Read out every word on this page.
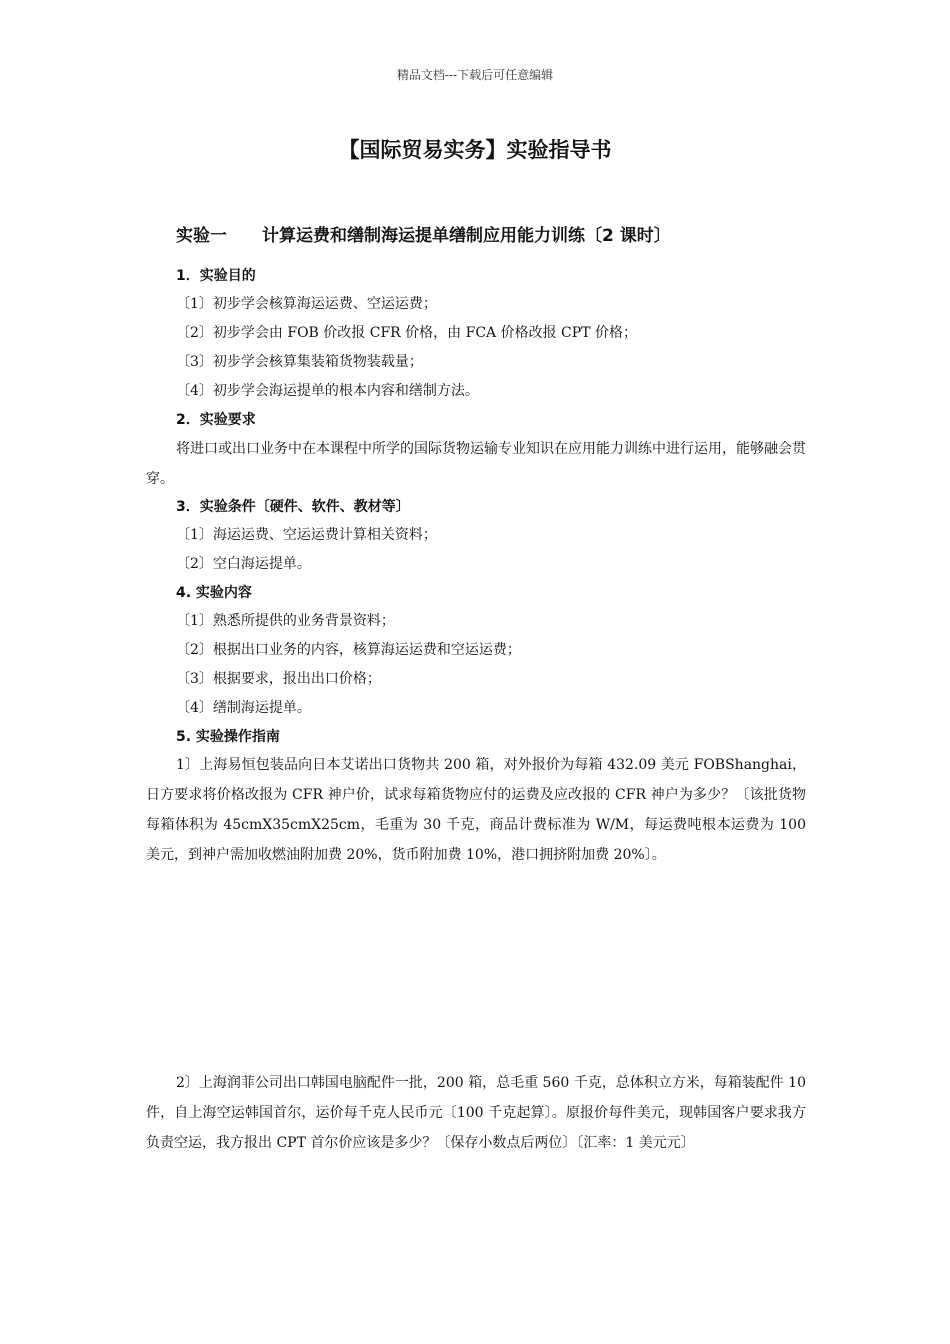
精品文档---下载后可任意编辑
【国际贸易实务】实验指导书
实验一 计算运费和缮制海运提单缮制应用能力训练〔2 课时〕
1．实验目的
〔1〕初步学会核算海运运费、空运运费；
〔2〕初步学会由 FOB 价改报 CFR 价格，由 FCA 价格改报 CPT 价格；
〔3〕初步学会核算集装箱货物装载量；
〔4〕初步学会海运提单的根本内容和缮制方法。
2．实验要求
将进口或出口业务中在本课程中所学的国际货物运输专业知识在应用能力训练中进行运用，能够融会贯穿。
3．实验条件〔硬件、软件、教材等〕
〔1〕海运运费、空运运费计算相关资料；
〔2〕空白海运提单。
4. 实验内容
〔1〕熟悉所提供的业务背景资料；
〔2〕根据出口业务的内容，核算海运运费和空运运费；
〔3〕根据要求，报出出口价格；
〔4〕缮制海运提单。
5. 实验操作指南
1〕上海易恒包装品向日本艾诺出口货物共 200 箱，对外报价为每箱 432.09 美元 FOBShanghai，日方要求将价格改报为 CFR 神户价，试求每箱货物应付的运费及应改报的 CFR 神户为多少？〔该批货物每箱体积为 45cmX35cmX25cm，毛重为 30 千克，商品计费标准为 W/M，每运费吨根本运费为 100 美元，到神户需加收燃油附加费 20%，货币附加费 10%，港口拥挤附加费 20%〕。
2〕上海润菲公司出口韩国电脑配件一批，200 箱，总毛重 560 千克，总体积立方米，每箱装配件 10 件，自上海空运韩国首尔，运价每千克人民币元〔100 千克起算〕。原报价每件美元，现韩国客户要求我方负责空运，我方报出 CPT 首尔价应该是多少？〔保存小数点后两位〕〔汇率：1 美元元〕
